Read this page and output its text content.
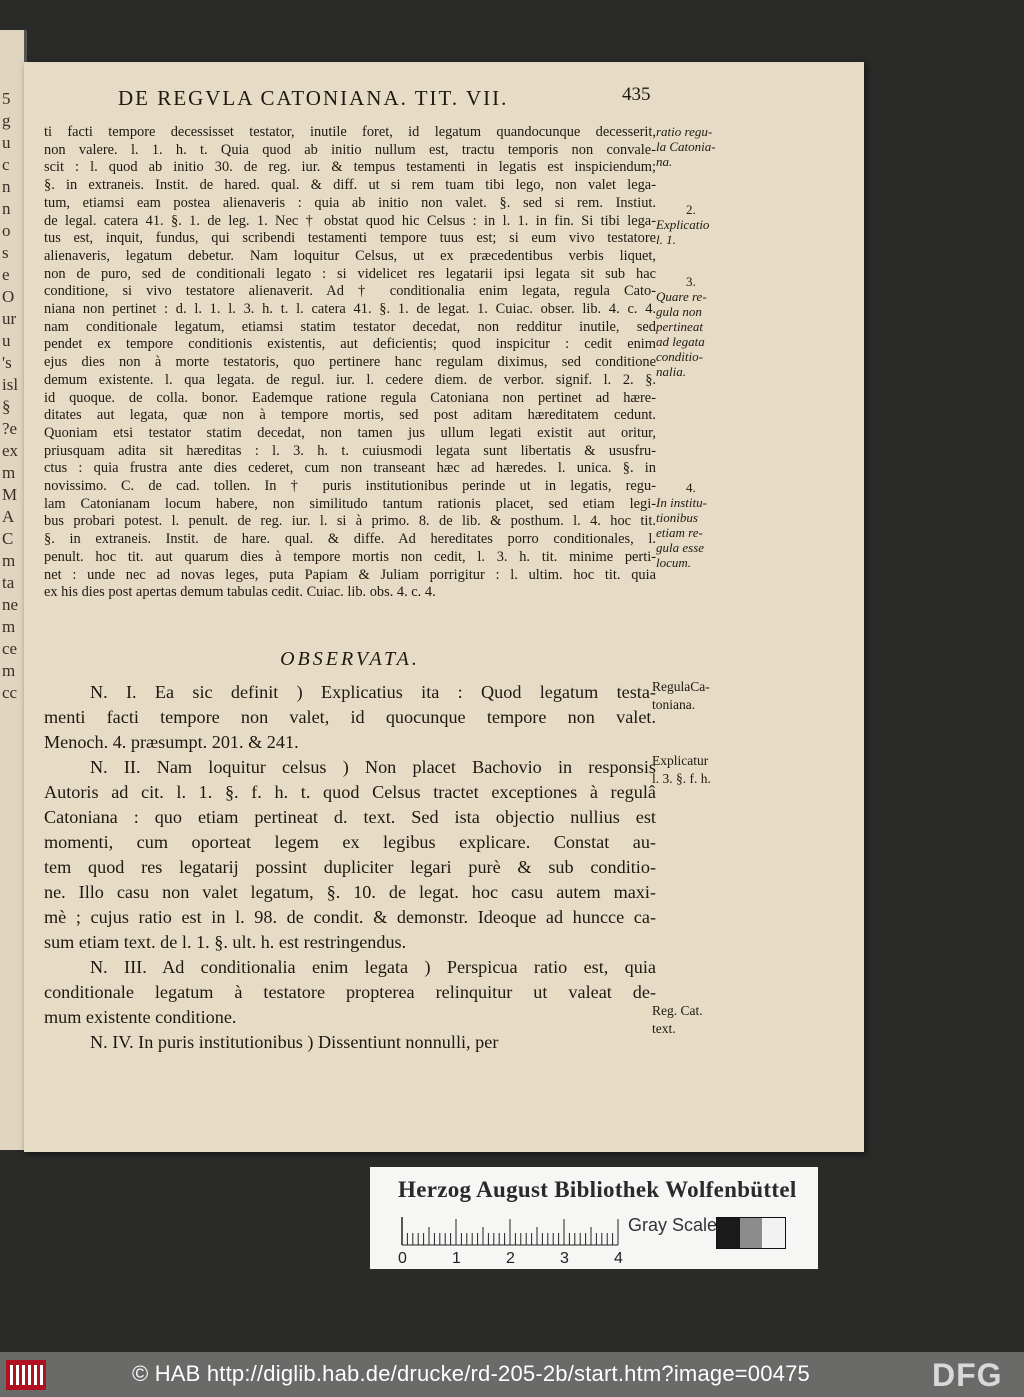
5
g
u
c
n
n
o
s
e
O
ur
u
's
isl
§
?e
ex
m
M
A
C
m
ta
ne
m
ce
m
cc
DE REGVLA CATONIANA. TIT. VII.	435

ti facti tempore decessisset testator, inutile foret, id legatum quandocunque decesserit,

non valere. l. 1. h. t. Quia quod ab initio nullum est, tractu temporis non convale-

scit : l. quod ab initio 30. de reg. iur. & tempus testamenti in legatis est inspiciendum;

§. in extraneis. Instit. de hared. qual. & diff. ut si rem tuam tibi lego, non valet lega-

tum, etiamsi eam postea alienaveris : quia ab initio non valet. §. sed si rem. Instiut.

de legal. catera 41. §. 1. de leg. 1. Nec † obstat quod hic Celsus : in l. 1. in fin. Si tibi lega-

tus est, inquit, fundus, qui scribendi testamenti tempore tuus est; si eum vivo testatore

alienaveris, legatum debetur. Nam loquitur Celsus, ut ex præcedentibus verbis liquet,

non de puro, sed de conditionali legato : si videlicet res legatarii ipsi legata sit sub hac

conditione, si vivo testatore alienaverit. Ad † conditionalia enim legata, regula Cato-

niana non pertinet : d. l. 1. l. 3. h. t. l. catera 41. §. 1. de legat. 1. Cuiac. obser. lib. 4. c. 4.

nam conditionale legatum, etiamsi statim testator decedat, non redditur inutile, sed

pendet ex tempore conditionis existentis, aut deficientis; quod inspicitur : cedit enim

ejus dies non à morte testatoris, quo pertinere hanc regulam diximus, sed conditione

demum existente. l. qua legata. de regul. iur. l. cedere diem. de verbor. signif. l. 2. §.

id quoque. de colla. bonor. Eademque ratione regula Catoniana non pertinet ad hære-

ditates aut legata, quæ non à tempore mortis, sed post aditam hæreditatem cedunt.

Quoniam etsi testator statim decedat, non tamen jus ullum legati existit aut oritur,

priusquam adita sit hæreditas : l. 3. h. t. cuiusmodi legata sunt libertatis & ususfru-

ctus : quia frustra ante dies cederet, cum non transeant hæc ad hæredes. l. unica. §. in

novissimo. C. de cad. tollen. In † puris institutionibus perinde ut in legatis, regu-

lam Catonianam locum habere, non similitudo tantum rationis placet, sed etiam legi-

bus probari potest. l. penult. de reg. iur. l. si à primo. 8. de lib. & posthum. l. 4. hoc tit.

§. in extraneis. Instit. de hare. qual. & diffe. Ad hereditates porro conditionales, l.

penult. hoc tit. aut quarum dies à tempore mortis non cedit, l. 3. h. tit. minime perti-

net : unde nec ad novas leges, puta Papiam & Juliam porrigitur : l. ultim. hoc tit. quia

ex his dies post apertas demum tabulas cedit. Cuiac. lib. obs. 4. c. 4.

ratio regu-
la Catonia-
na.
2.
Explicatio
l. 1.
3.
Quare re-
gula non
pertineat
ad legata
conditio-
nalia.
4.
In institu-
tionibus
etiam re-
gula esse
locum.
OBSERVATA.

N. I. Ea sic definit ) Explicatius ita : Quod legatum testa-

menti facti tempore non valet, id quocunque tempore non valet.

Menoch. 4. præsumpt. 201. & 241.

N. II. Nam loquitur celsus ) Non placet Bachovio in responsis

Autoris ad cit. l. 1. §. f. h. t. quod Celsus tractet exceptiones à regulâ

Catoniana : quo etiam pertineat d. text. Sed ista objectio nullius est

momenti, cum oporteat legem ex legibus explicare. Constat au-

tem quod res legatarij possint dupliciter legari purè & sub conditio-

ne. Illo casu non valet legatum, §. 10. de legat. hoc casu autem maxi-

mè ; cujus ratio est in l. 98. de condit. & demonstr. Ideoque ad huncce ca-

sum etiam text. de l. 1. §. ult. h. est restringendus.

N. III. Ad conditionalia enim legata ) Perspicua ratio est, quia

conditionale legatum à testatore propterea relinquitur ut valeat de-

mum existente conditione.

N. IV. In puris institutionibus ) Dissentiunt nonnulli, per

RegulaCa-
toniana.
Explicatur
l. 3. §. f. h.
Reg. Cat.
text.
Herzog August Bibliothek Wolfenbüttel
0	1	2	3	4
Gray Scale
© HAB http://diglib.hab.de/drucke/rd-205-2b/start.htm?image=00475	DFG
